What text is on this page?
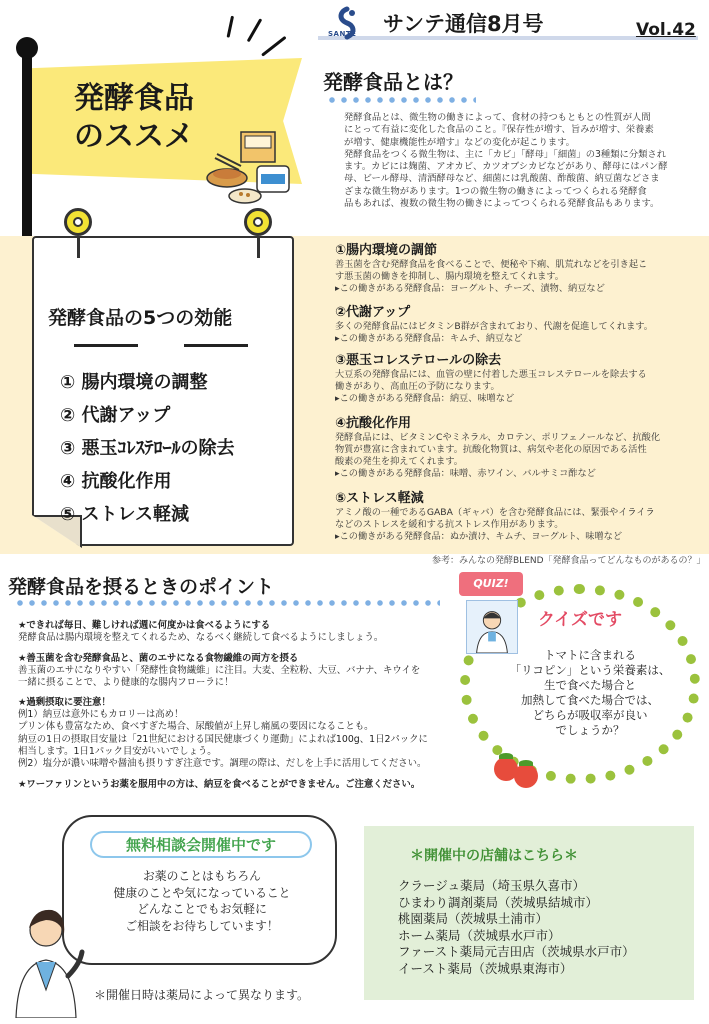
SANTE サンテ通信8月号	Vol.42
発酵食品
のススメ
発酵食品とは？
発酵食品とは、微生物の働きによって、食材の持つもともとの性質が人間
にとって有益に変化した食品のこと。『保存性が増す、旨みが増す、栄養素
が増す、健康機能性が増す』などの変化が起こります。
発酵食品をつくる微生物は、主に「カビ」「酵母」「細菌」の3種類に分類され
ます。カビには麹菌、アオカビ、カツオブシカビなどがあり、酵母にはパン酵
母、ビール酵母、清酒酵母など、細菌には乳酸菌、酢酸菌、納豆菌などさま
ざまな微生物があります。1つの微生物の働きによってつくられる発酵食
品もあれば、複数の微生物の働きによってつくられる発酵食品もあります。
発酵食品の5つの効能
① 腸内環境の調整
② 代謝アップ
③ 悪玉ｺﾚｽﾃﾛｰﾙの除去
④ 抗酸化作用
⑤ ストレス軽減
①腸内環境の調節
善玉菌を含む発酵食品を食べることで、便秘や下痢、肌荒れなどを引き起こ
す悪玉菌の働きを抑制し、腸内環境を整えてくれます。
▸この働きがある発酵食品：ヨーグルト、チーズ、漬物、納豆など
②代謝アップ
多くの発酵食品にはビタミンB群が含まれており、代謝を促進してくれます。
▸この働きがある発酵食品：キムチ、納豆など
③悪玉コレステロールの除去
大豆系の発酵食品には、血管の壁に付着した悪玉コレステロールを除去する
働きがあり、高血圧の予防になります。
▸この働きがある発酵食品：納豆、味噌など
④抗酸化作用
発酵食品には、ビタミンCやミネラル、カロテン、ポリフェノールなど、抗酸化
物質が豊富に含まれています。抗酸化物質は、病気や老化の原因である活性
酸素の発生を抑えてくれます。
▸この働きがある発酵食品：味噌、赤ワイン、バルサミコ酢など
⑤ストレス軽減
アミノ酸の一種であるGABA（ギャバ）を含む発酵食品には、緊張やイライラ
などのストレスを緩和する抗ストレス作用があります。
▸この働きがある発酵食品：ぬか漬け、キムチ、ヨーグルト、味噌など
参考：みんなの発酵BLEND「発酵食品ってどんなものがあるの？」
発酵食品を摂るときのポイント
★できれば毎日、難しければ週に何度かは食べるようにする
発酵食品は腸内環境を整えてくれるため、なるべく継続して食べるようにしましょう。
★善玉菌を含む発酵食品と、菌のエサになる食物繊維の両方を摂る
善玉菌のエサになりやすい「発酵性食物繊維」に注目。大麦、全粒粉、大豆、バナナ、キウイを
一緒に摂ることで、より健康的な腸内フローラに！
★過剰摂取に要注意！
例1）納豆は意外にもカロリーは高め！
プリン体も豊富なため、食べすぎた場合、尿酸値が上昇し痛風の要因になることも。
納豆の1日の摂取目安量は「21世紀における国民健康づくり運動」によれば100g、1日2パックに
相当します。1日1パック目安がいいでしょう。
例2）塩分が濃い味噌や醤油も摂りすぎ注意です。調理の際は、だしを上手に活用してください。
★ワーファリンというお薬を服用中の方は、納豆を食べることができません。ご注意ください。
QUIZ!
クイズです
トマトに含まれる
「リコピン」という栄養素は、
生で食べた場合と
加熱して食べた場合では、
どちらが吸収率が良い
でしょうか？
無料相談会開催中です
お薬のことはもちろん
健康のことや気になっていること
どんなことでもお気軽に
ご相談をお待ちしています！
＊開催日時は薬局によって異なります。
＊開催中の店舗はこちら＊
クラージュ薬局（埼玉県久喜市）
ひまわり調剤薬局（茨城県結城市）
桃園薬局（茨城県土浦市）
ホーム薬局（茨城県水戸市）
ファースト薬局元吉田店（茨城県水戸市）
イースト薬局（茨城県東海市）
